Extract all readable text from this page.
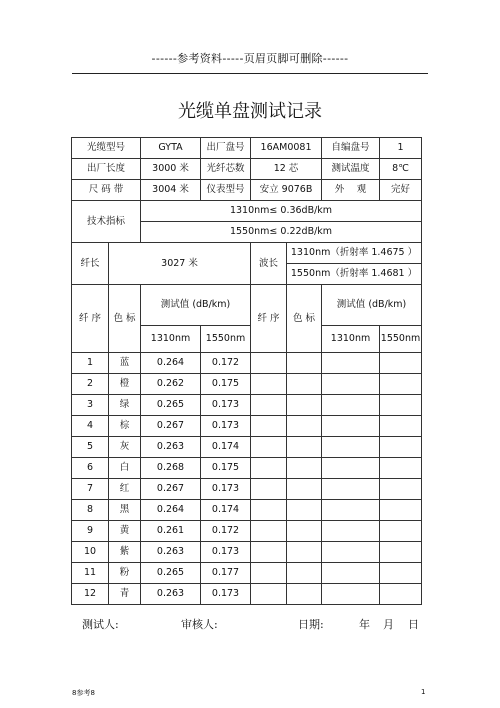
------参考资料-----页眉页脚可删除------
光缆单盘测试记录
光缆型号		GYTA	出厂盘号	16AM0081		自编盘号	1
出厂长度		3000 米	光纤芯数	12 芯		测试温度	8℃
尺 码 带		3004 米	仪表型号	安立 9076B		外　 观	完好
技术指标		1310nm≤ 0.36dB/km					
		1550nm≤ 0.22dB/km					
纤长	3027 米			波长	1310nm（折射率 1.4675 ）		
					1550nm（折射率 1.4681 ）		
纤 序	色 标	测试值 (dB/km)		纤 序	色 标	测试值 (dB/km)	
		1310nm	1550nm			1310nm	1550nm
1	蓝	0.264	0.172				
2	橙	0.262	0.175				
3	绿	0.265	0.173				
4	棕	0.267	0.173				
5	灰	0.263	0.174				
6	白	0.268	0.175				
7	红	0.267	0.173				
8	黑	0.264	0.174				
9	黄	0.261	0.172				
10	紫	0.263	0.173				
11	粉	0.265	0.177				
12	青	0.263	0.173				
测试人:	审核人:	日期:	年 月 日
8参考8	1
